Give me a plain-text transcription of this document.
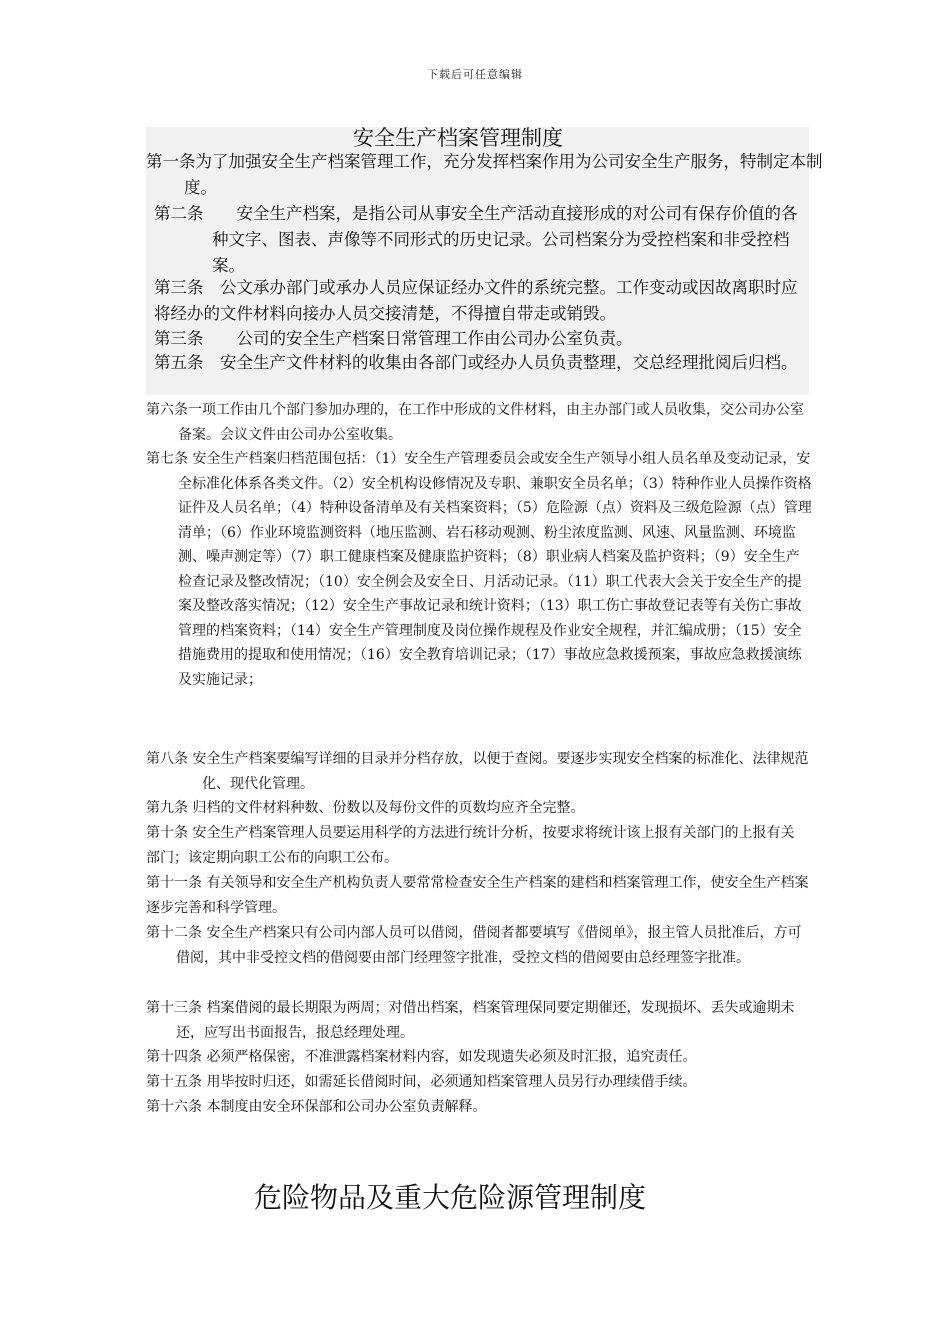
下载后可任意编辑
安全生产档案管理制度

第一条为了加强安全生产档案管理工作，充分发挥档案作用为公司安全生产服务，特制定本制度。

第二条　　安全生产档案，是指公司从事安全生产活动直接形成的对公司有保存价值的各种文字、图表、声像等不同形式的历史记录。公司档案分为受控档案和非受控档案。

第三条　公文承办部门或承办人员应保证经办文件的系统完整。工作变动或因故离职时应将经办的文件材料向接办人员交接清楚，不得擅自带走或销毁。

第三条　　公司的安全生产档案日常管理工作由公司办公室负责。

第五条　安全生产文件材料的收集由各部门或经办人员负责整理，交总经理批阅后归档。

第六条一项工作由几个部门参加办理的，在工作中形成的文件材料，由主办部门或人员收集，交公司办公室备案。会议文件由公司办公室收集。

第七条 安全生产档案归档范围包括：（1）安全生产管理委员会或安全生产领导小组人员名单及变动记录，安全标准化体系各类文件。（2）安全机构设修情况及专职、兼职安全员名单；（3）特种作业人员操作资格证件及人员名单；（4）特种设备清单及有关档案资料；（5）危险源（点）资料及三级危险源（点）管理清单；（6）作业环境监测资料（地压监测、岩石移动观测、粉尘浓度监测、风速、风量监测、环境监测、噪声测定等）（7）职工健康档案及健康监护资料；（8）职业病人档案及监护资料；（9）安全生产检查记录及整改情况；（10）安全例会及安全日、月活动记录。（11）职工代表大会关于安全生产的提案及整改落实情况；（12）安全生产事故记录和统计资料；（13）职工伤亡事故登记表等有关伤亡事故管理的档案资料；（14）安全生产管理制度及岗位操作规程及作业安全规程，并汇编成册；（15）安全措施费用的提取和使用情况；（16）安全教育培训记录；（17）事故应急救援预案，事故应急救援演练及实施记录；

第八条 安全生产档案要编写详细的目录并分档存放，以便于查阅。要逐步实现安全档案的标准化、法律规范化、现代化管理。

第九条 归档的文件材料种数、份数以及每份文件的页数均应齐全完整。

第十条 安全生产档案管理人员要运用科学的方法进行统计分析，按要求将统计该上报有关部门的上报有关部门；该定期向职工公布的向职工公布。

第十一条 有关领导和安全生产机构负责人要常常检查安全生产档案的建档和档案管理工作，使安全生产档案逐步完善和科学管理。

第十二条 安全生产档案只有公司内部人员可以借阅，借阅者都要填写《借阅单》，报主管人员批准后，方可借阅，其中非受控文档的借阅要由部门经理签字批准，受控文档的借阅要由总经理签字批准。

第十三条 档案借阅的最长期限为两周；对借出档案，档案管理保同要定期催还，发现损坏、丢失或逾期未还，应写出书面报告，报总经理处理。

第十四条 必须严格保密，不准泄露档案材料内容，如发现遗失必须及时汇报，追究责任。

第十五条 用毕按时归还，如需延长借阅时间，必须通知档案管理人员另行办理续借手续。

第十六条 本制度由安全环保部和公司办公室负责解释。

危险物品及重大危险源管理制度
